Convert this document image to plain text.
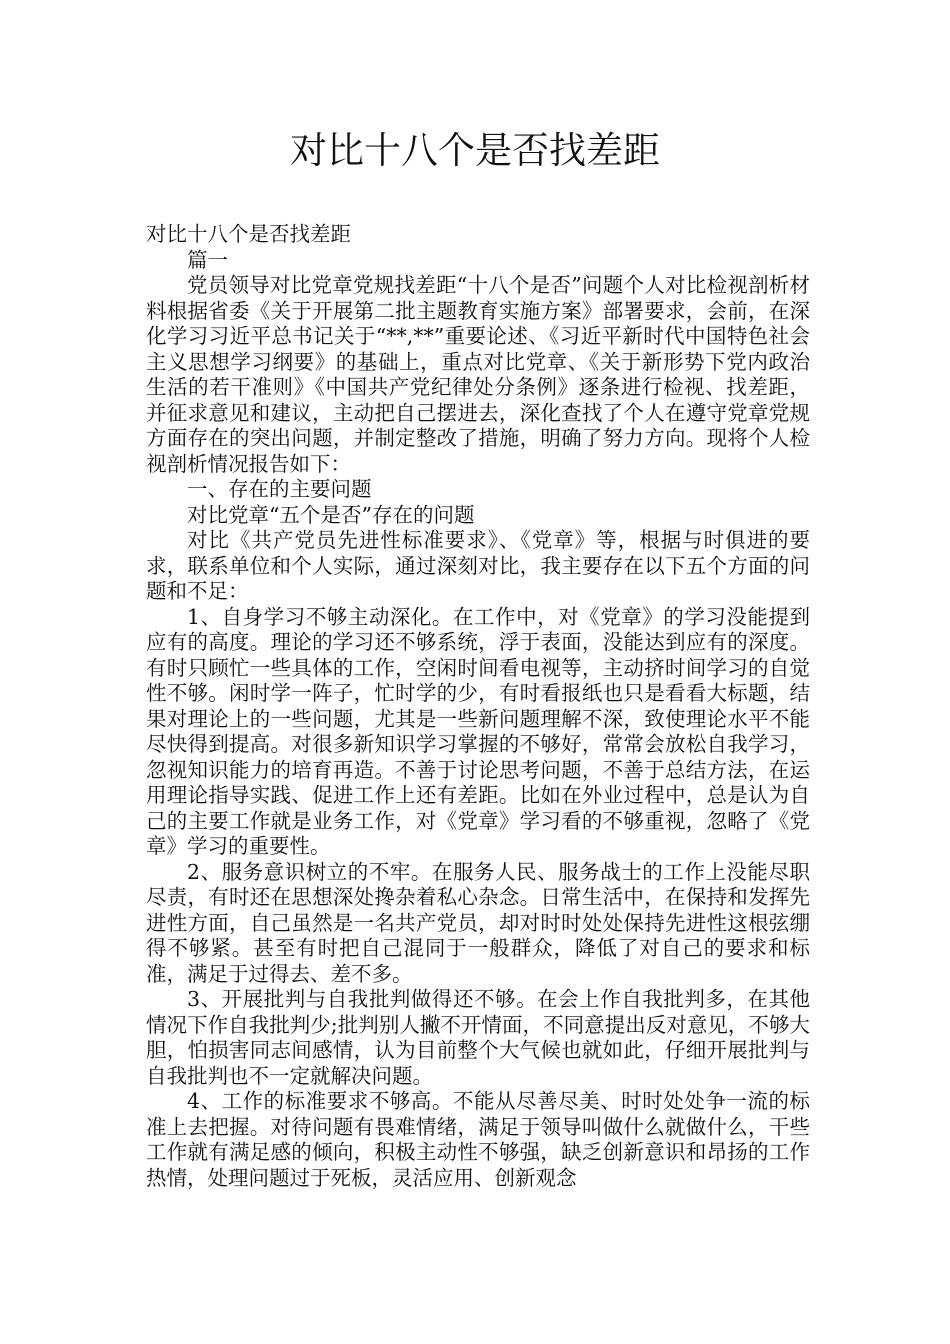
对比十八个是否找差距

对比十八个是否找差距

篇一

党员领导对比党章党规找差距“十八个是否”问题个人对比检视剖析材料根据省委《关于开展第二批主题教育实施方案》部署要求，会前，在深化学习习近平总书记关于“**,**”重要论述、《习近平新时代中国特色社会主义思想学习纲要》的基础上，重点对比党章、《关于新形势下党内政治生活的若干准则》《中国共产党纪律处分条例》逐条进行检视、找差距，并征求意见和建议，主动把自己摆进去，深化查找了个人在遵守党章党规方面存在的突出问题，并制定整改了措施，明确了努力方向。现将个人检视剖析情况报告如下：

一、存在的主要问题

对比党章“五个是否”存在的问题

对比《共产党员先进性标准要求》、《党章》等，根据与时俱进的要求，联系单位和个人实际，通过深刻对比，我主要存在以下五个方面的问题和不足：

1、自身学习不够主动深化。在工作中，对《党章》的学习没能提到应有的高度。理论的学习还不够系统，浮于表面，没能达到应有的深度。有时只顾忙一些具体的工作，空闲时间看电视等，主动挤时间学习的自觉性不够。闲时学一阵子，忙时学的少，有时看报纸也只是看看大标题，结果对理论上的一些问题，尤其是一些新问题理解不深，致使理论水平不能尽快得到提高。对很多新知识学习掌握的不够好，常常会放松自我学习，忽视知识能力的培育再造。不善于讨论思考问题，不善于总结方法，在运用理论指导实践、促进工作上还有差距。比如在外业过程中，总是认为自己的主要工作就是业务工作，对《党章》学习看的不够重视，忽略了《党章》学习的重要性。

2、服务意识树立的不牢。在服务人民、服务战士的工作上没能尽职尽责，有时还在思想深处搀杂着私心杂念。日常生活中，在保持和发挥先进性方面，自己虽然是一名共产党员，却对时时处处保持先进性这根弦绷得不够紧。甚至有时把自己混同于一般群众，降低了对自己的要求和标准，满足于过得去、差不多。

3、开展批判与自我批判做得还不够。在会上作自我批判多，在其他情况下作自我批判少;批判别人撇不开情面，不同意提出反对意见，不够大胆，怕损害同志间感情，认为目前整个大气候也就如此，仔细开展批判与自我批判也不一定就解决问题。

4、工作的标准要求不够高。不能从尽善尽美、时时处处争一流的标准上去把握。对待问题有畏难情绪，满足于领导叫做什么就做什么，干些工作就有满足感的倾向，积极主动性不够强，缺乏创新意识和昂扬的工作热情，处理问题过于死板，灵活应用、创新观念
